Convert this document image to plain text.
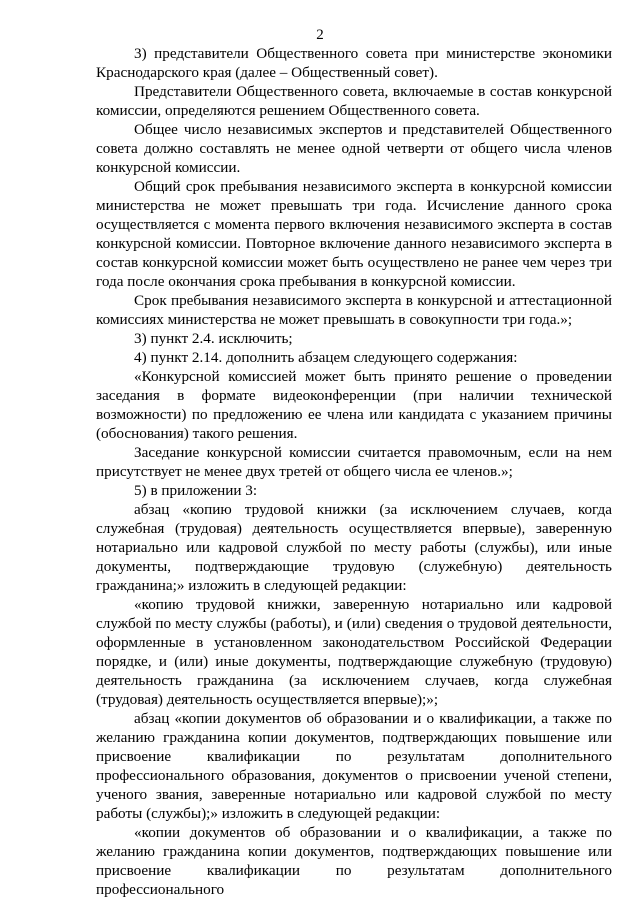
2

3) представители Общественного совета при министерстве экономики Краснодарского края (далее – Общественный совет).

Представители Общественного совета, включаемые в состав конкурсной комиссии, определяются решением Общественного совета.

Общее число независимых экспертов и представителей Общественного совета должно составлять не менее одной четверти от общего числа членов конкурсной комиссии.

Общий срок пребывания независимого эксперта в конкурсной комиссии министерства не может превышать три года. Исчисление данного срока осуществляется с момента первого включения независимого эксперта в состав конкурсной комиссии. Повторное включение данного независимого эксперта в состав конкурсной комиссии может быть осуществлено не ранее чем через три года после окончания срока пребывания в конкурсной комиссии.

Срок пребывания независимого эксперта в конкурсной и аттестационной комиссиях министерства не может превышать в совокупности три года.»;

3) пункт 2.4. исключить;

4) пункт 2.14. дополнить абзацем следующего содержания:

«Конкурсной комиссией может быть принято решение о проведении заседания в формате видеоконференции (при наличии технической возможности) по предложению ее члена или кандидата с указанием причины (обоснования) такого решения.

Заседание конкурсной комиссии считается правомочным, если на нем присутствует не менее двух третей от общего числа ее членов.»;

5) в приложении 3:

абзац «копию трудовой книжки (за исключением случаев, когда служебная (трудовая) деятельность осуществляется впервые), заверенную нотариально или кадровой службой по месту работы (службы), или иные документы, подтверждающие трудовую (служебную) деятельность гражданина;» изложить в следующей редакции:

«копию трудовой книжки, заверенную нотариально или кадровой службой по месту службы (работы), и (или) сведения о трудовой деятельности, оформленные в установленном законодательством Российской Федерации порядке, и (или) иные документы, подтверждающие служебную (трудовую) деятельность гражданина (за исключением случаев, когда служебная (трудовая) деятельность осуществляется впервые);»;

абзац «копии документов об образовании и о квалификации, а также по желанию гражданина копии документов, подтверждающих повышение или присвоение квалификации по результатам дополнительного профессионального образования, документов о присвоении ученой степени, ученого звания, заверенные нотариально или кадровой службой по месту работы (службы);» изложить в следующей редакции:

«копии документов об образовании и о квалификации, а также по желанию гражданина копии документов, подтверждающих повышение или присвоение квалификации по результатам дополнительного профессионального
